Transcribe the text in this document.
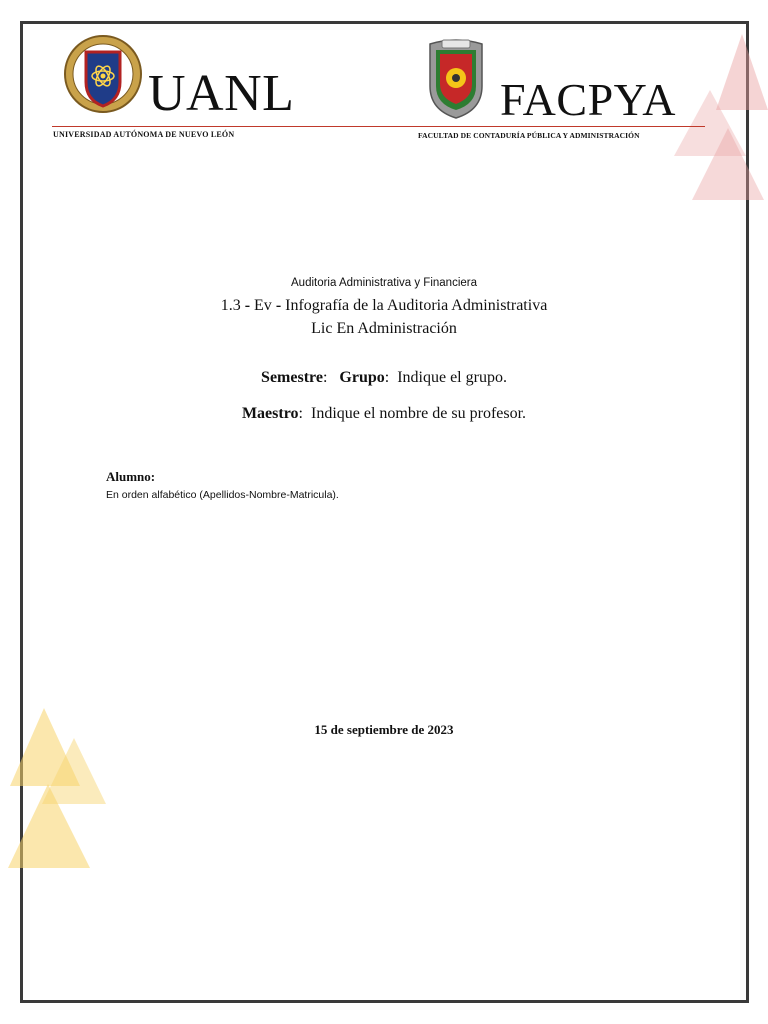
UANL
UNIVERSIDAD AUTÓNOMA DE NUEVO LEÓN
FACPYA
FACULTAD DE CONTADURÍA PÚBLICA Y ADMINISTRACIÓN
Auditoria Administrativa y Financiera
1.3 - Ev - Infografía de la Auditoria Administrativa
Lic En Administración
Semestre:   Grupo:  Indique el grupo.
Maestro:  Indique el nombre de su profesor.
Alumno:
En orden alfabético (Apellidos-Nombre-Matricula).
15 de septiembre de 2023
